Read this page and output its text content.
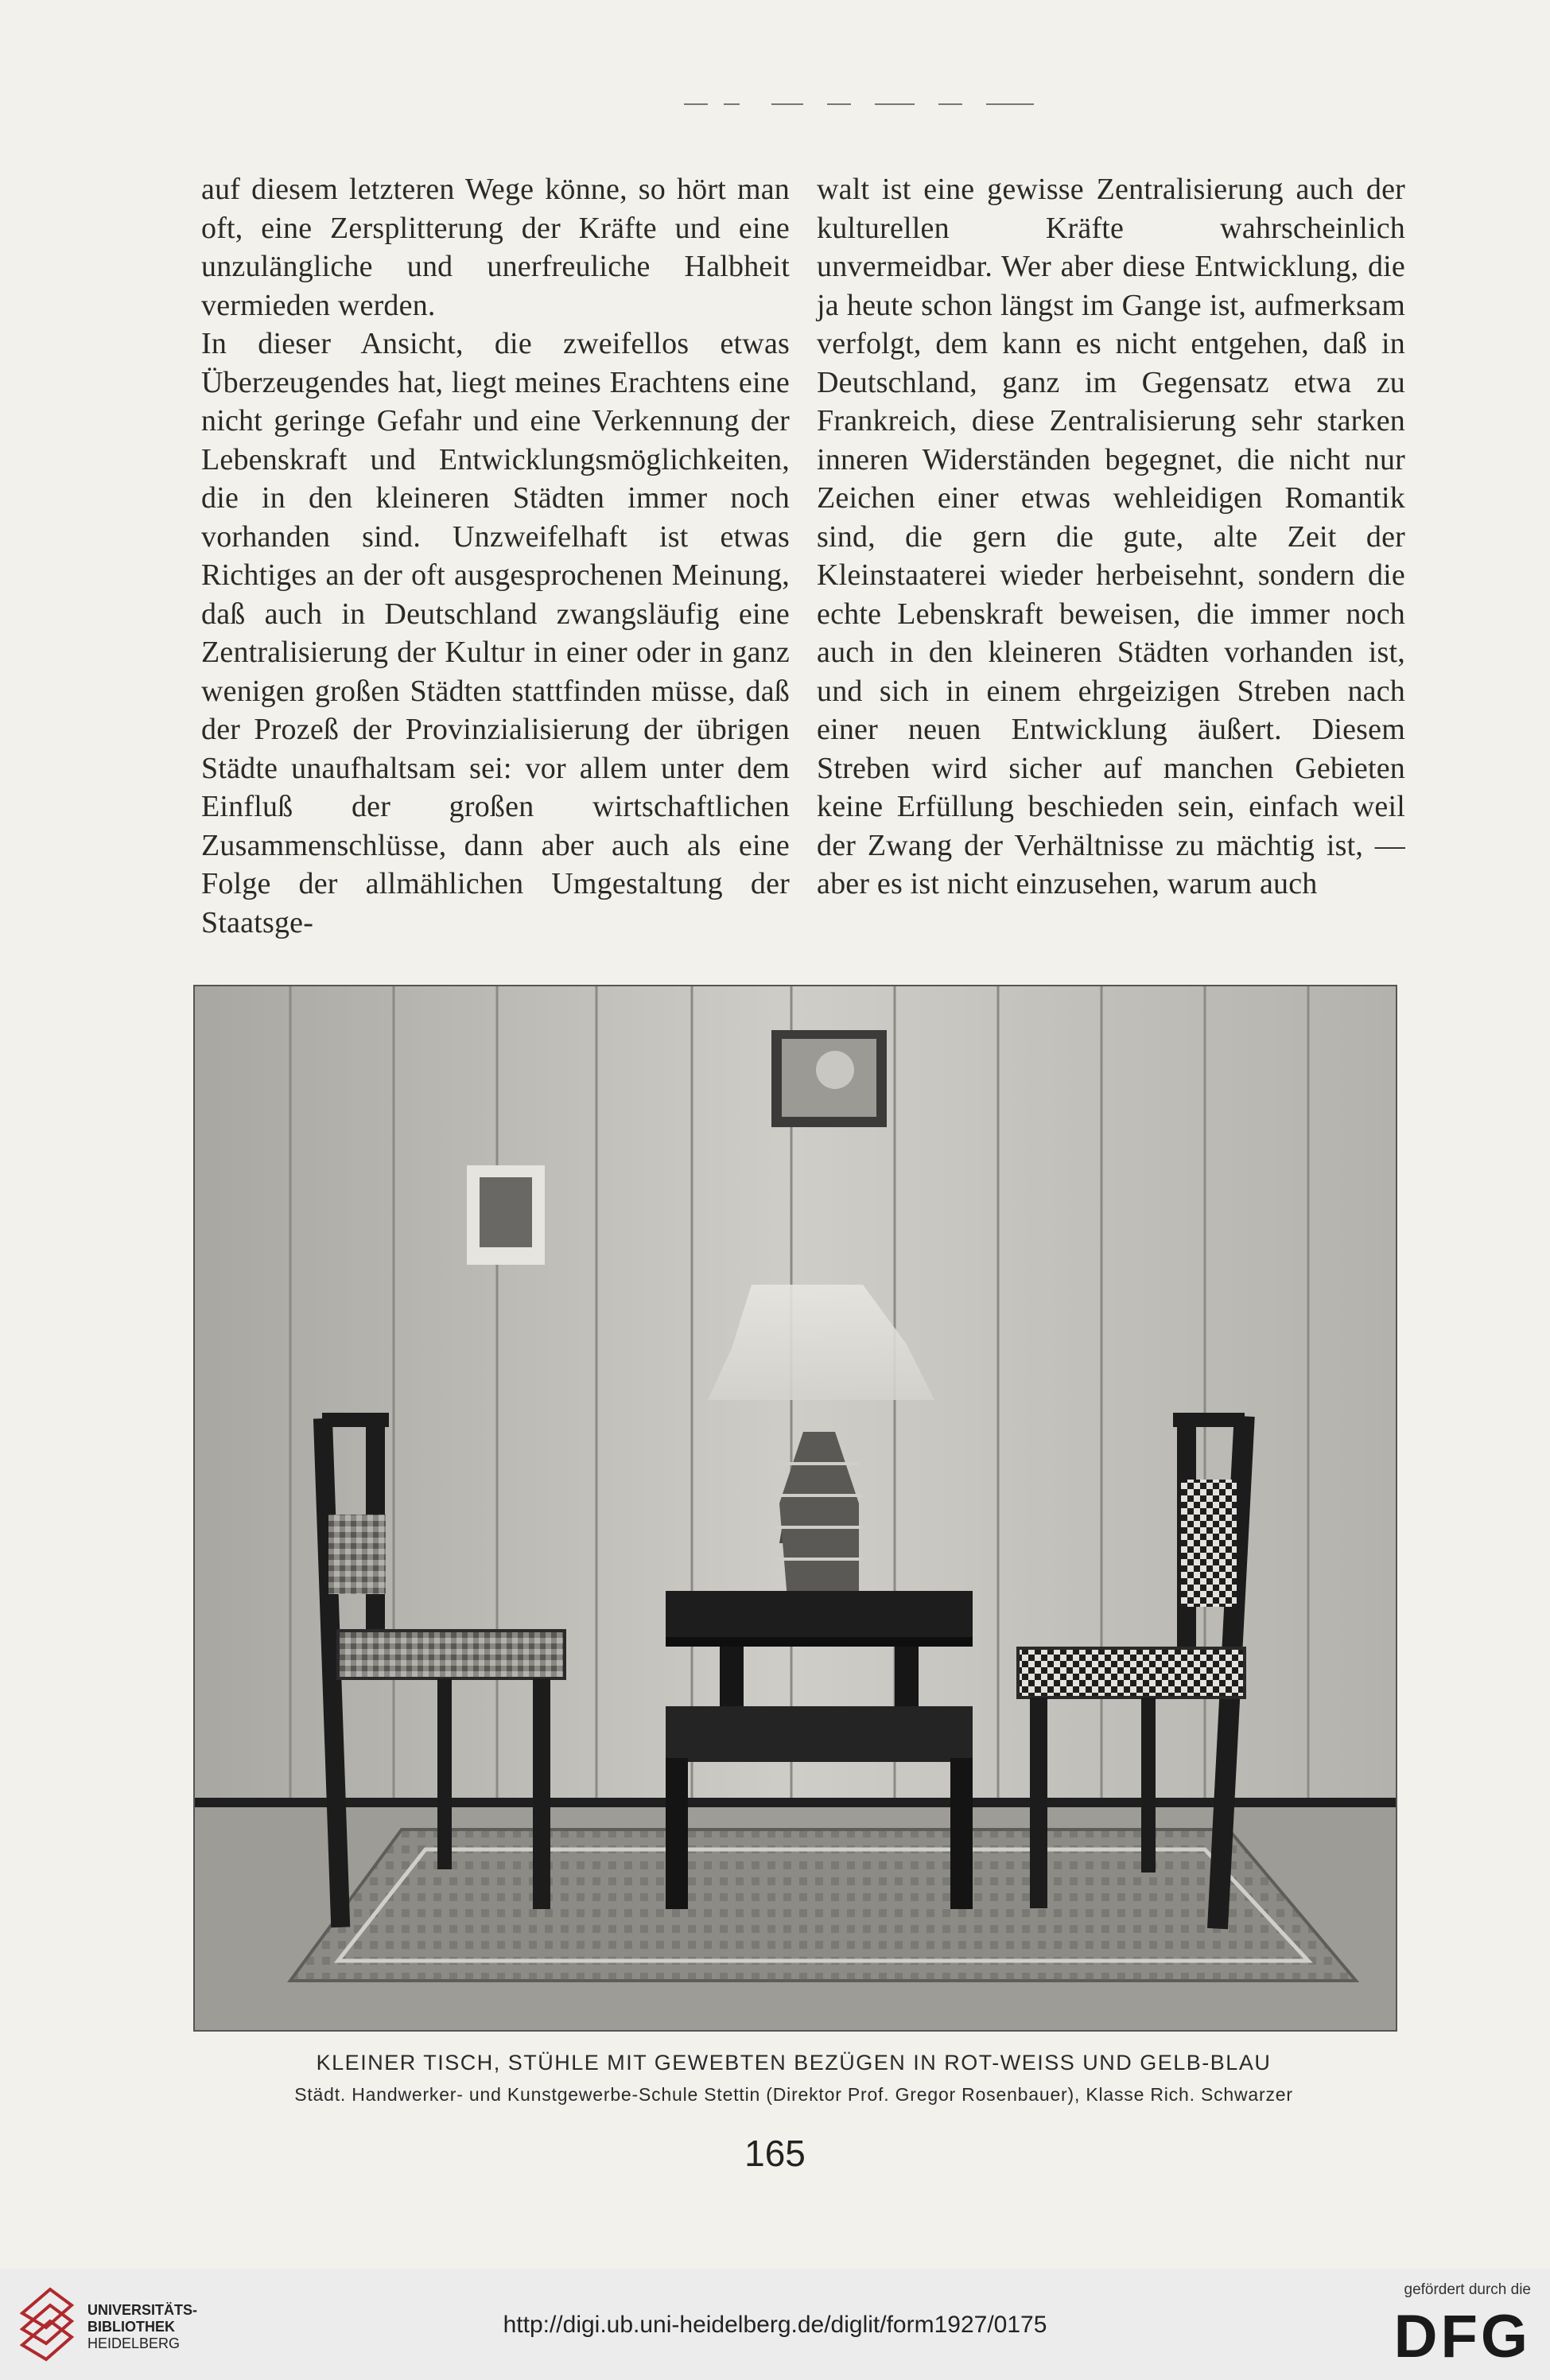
auf diesem letzteren Wege könne, so hört man oft, eine Zersplitterung der Kräfte und eine unzulängliche und unerfreuliche Halbheit vermieden werden.

In dieser Ansicht, die zweifellos etwas Überzeugendes hat, liegt meines Erachtens eine nicht geringe Gefahr und eine Verkennung der Lebenskraft und Entwicklungsmöglichkeiten, die in den kleineren Städten immer noch vorhanden sind. Unzweifelhaft ist etwas Richtiges an der oft ausgesprochenen Meinung, daß auch in Deutschland zwangsläufig eine Zentralisierung der Kultur in einer oder in ganz wenigen großen Städten stattfinden müsse, daß der Prozeß der Provinzialisierung der übrigen Städte unaufhaltsam sei: vor allem unter dem Einfluß der großen wirtschaftlichen Zusammenschlüsse, dann aber auch als eine Folge der allmählichen Umgestaltung der Staatsge-

walt ist eine gewisse Zentralisierung auch der kulturellen Kräfte wahrscheinlich unvermeidbar. Wer aber diese Entwicklung, die ja heute schon längst im Gange ist, aufmerksam verfolgt, dem kann es nicht entgehen, daß in Deutschland, ganz im Gegensatz etwa zu Frankreich, diese Zentralisierung sehr starken inneren Widerständen begegnet, die nicht nur Zeichen einer etwas wehleidigen Romantik sind, die gern die gute, alte Zeit der Kleinstaaterei wieder herbeisehnt, sondern die echte Lebenskraft beweisen, die immer noch auch in den kleineren Städten vorhanden ist, und sich in einem ehrgeizigen Streben nach einer neuen Entwicklung äußert. Diesem Streben wird sicher auf manchen Gebieten keine Erfüllung beschieden sein, einfach weil der Zwang der Verhältnisse zu mächtig ist, — aber es ist nicht einzusehen, warum auch

KLEINER TISCH, STÜHLE MIT GEWEBTEN BEZÜGEN IN ROT-WEISS UND GELB-BLAU
Städt. Handwerker- und Kunstgewerbe-Schule Stettin (Direktor Prof. Gregor Rosenbauer), Klasse Rich. Schwarzer
165
UNIVERSITÄTS-
BIBLIOTHEK
HEIDELBERG
http://digi.ub.uni-heidelberg.de/diglit/form1927/0175
gefördert durch die
DFG
